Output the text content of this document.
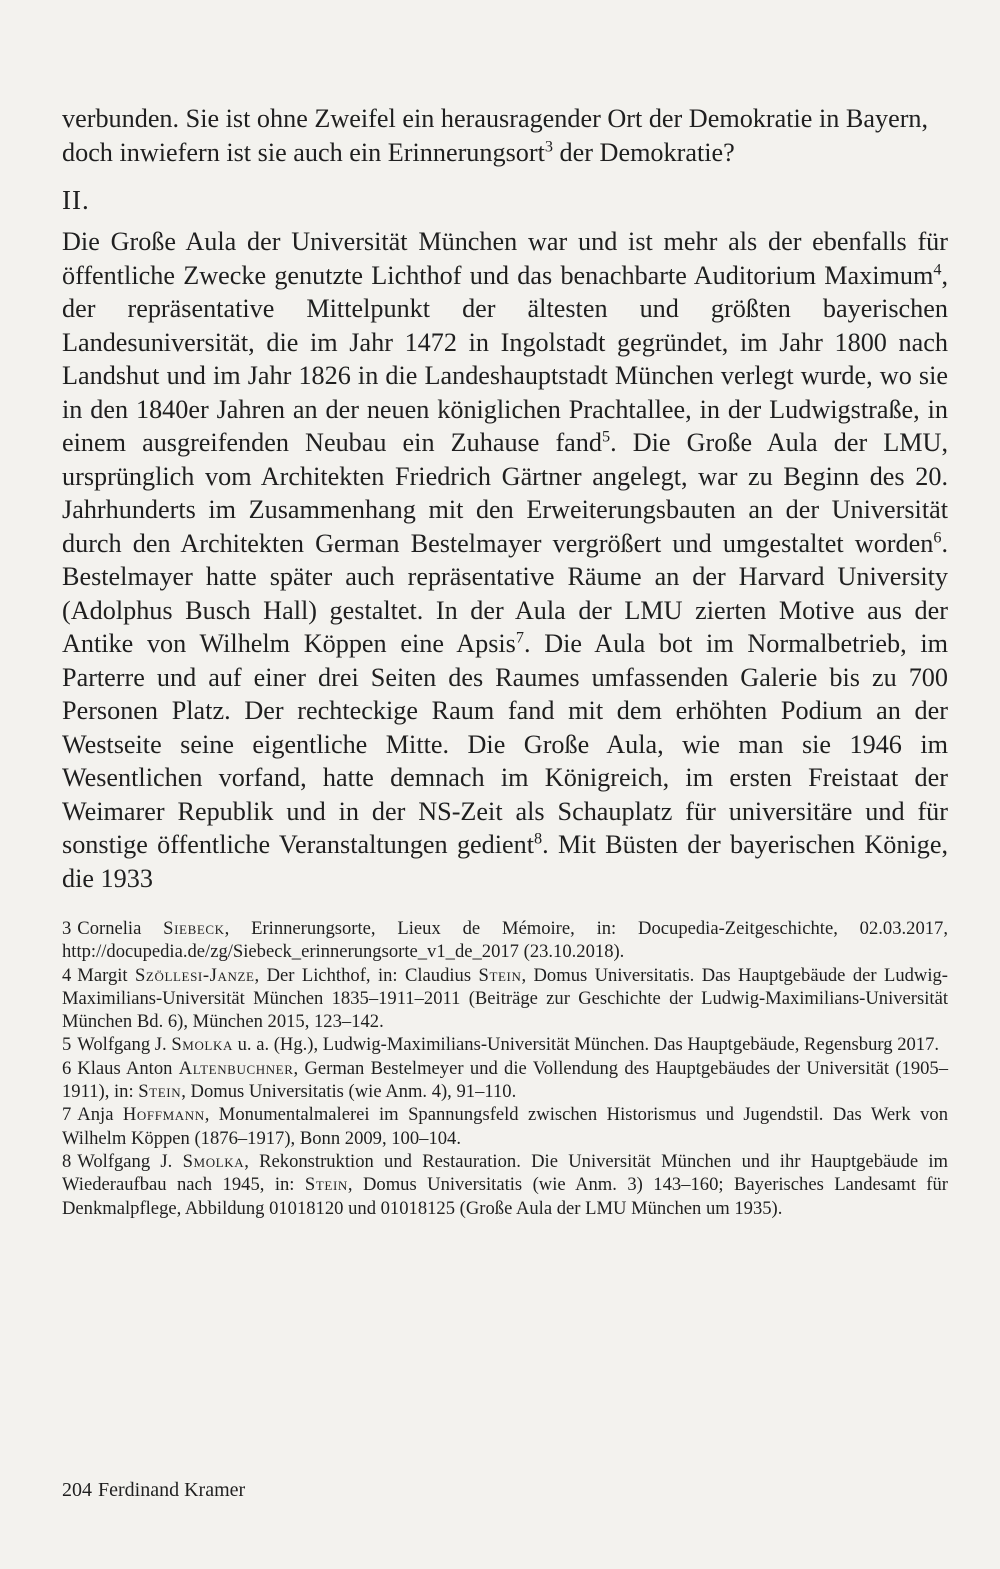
verbunden. Sie ist ohne Zweifel ein herausragender Ort der Demokratie in Bayern, doch inwiefern ist sie auch ein Erinnerungsort$^3$ der Demokratie?

II.

Die Große Aula der Universität München war und ist mehr als der ebenfalls für öffentliche Zwecke genutzte Lichthof und das benachbarte Auditorium Maximum$^4$, der repräsentative Mittelpunkt der ältesten und größten bayerischen Landesuniversität, die im Jahr 1472 in Ingolstadt gegründet, im Jahr 1800 nach Landshut und im Jahr 1826 in die Landeshauptstadt München verlegt wurde, wo sie in den 1840er Jahren an der neuen königlichen Prachtallee, in der Ludwigstraße, in einem ausgreifenden Neubau ein Zuhause fand$^5$. Die Große Aula der LMU, ursprünglich vom Architekten Friedrich Gärtner angelegt, war zu Beginn des 20. Jahrhunderts im Zusammenhang mit den Erweiterungsbauten an der Universität durch den Architekten German Bestelmayer vergrößert und umgestaltet worden$^6$. Bestelmayer hatte später auch repräsentative Räume an der Harvard University (Adolphus Busch Hall) gestaltet. In der Aula der LMU zierten Motive aus der Antike von Wilhelm Köppen eine Apsis$^7$. Die Aula bot im Normalbetrieb, im Parterre und auf einer drei Seiten des Raumes umfassenden Galerie bis zu 700 Personen Platz. Der rechteckige Raum fand mit dem erhöhten Podium an der Westseite seine eigentliche Mitte. Die Große Aula, wie man sie 1946 im Wesentlichen vorfand, hatte demnach im Königreich, im ersten Freistaat der Weimarer Republik und in der NS-Zeit als Schauplatz für universitäre und für sonstige öffentliche Veranstaltungen gedient$^8$. Mit Büsten der bayerischen Könige, die 1933

3 Cornelia Siebeck, Erinnerungsorte, Lieux de Mémoire, in: Docupedia-Zeitgeschichte, 02.03.2017, http://docupedia.de/zg/Siebeck_erinnerungsorte_v1_de_2017 (23.10.2018).

4 Margit Szöllesi-Janze, Der Lichthof, in: Claudius Stein, Domus Universitatis. Das Hauptgebäude der Ludwig-Maximilians-Universität München 1835–1911–2011 (Beiträge zur Geschichte der Ludwig-Maximilians-Universität München Bd. 6), München 2015, 123–142.

5 Wolfgang J. Smolka u. a. (Hg.), Ludwig-Maximilians-Universität München. Das Hauptgebäude, Regensburg 2017.

6 Klaus Anton Altenbuchner, German Bestelmeyer und die Vollendung des Hauptgebäudes der Universität (1905–1911), in: Stein, Domus Universitatis (wie Anm. 4), 91–110.

7 Anja Hoffmann, Monumentalmalerei im Spannungsfeld zwischen Historismus und Jugendstil. Das Werk von Wilhelm Köppen (1876–1917), Bonn 2009, 100–104.

8 Wolfgang J. Smolka, Rekonstruktion und Restauration. Die Universität München und ihr Hauptgebäude im Wiederaufbau nach 1945, in: Stein, Domus Universitatis (wie Anm. 3) 143–160; Bayerisches Landesamt für Denkmalpflege, Abbildung 01018120 und 01018125 (Große Aula der LMU München um 1935).

204 Ferdinand Kramer
